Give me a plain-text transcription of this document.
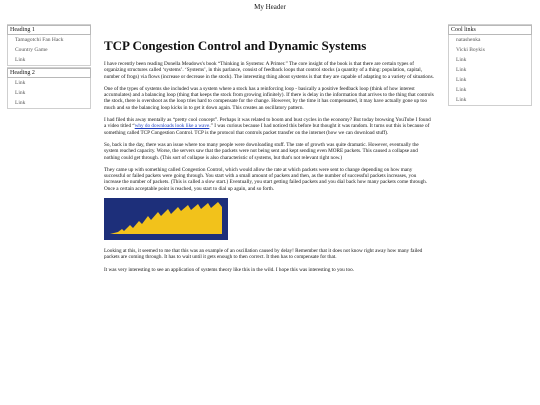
My Header
Heading 1
Tamagotchi Fan Hack
Country Game
Link
Heading 2
Link
Link
Link
Cool links
natashenka
Vicki Boykis
Link
Link
Link
Link
Link
TCP Congestion Control and Dynamic Systems

I have recently been reading Donella Meadows's book “Thinking in Systems: A Primer.” The core insight of the book is that there are certain types of organizing structures called ‘systems’. ‘Systems’, in this parlance, consist of feedback loops that control stocks (a quantity of a thing: population, capital, number of frogs) via flows (increase or decrease in the stock). The interesting thing about systems is that they are capable of adapting to a variety of situations.

One of the types of systems she included was a system where a stock has a reinforcing loop - basically a positive feedback loop (think of how interest accumulates) and a balancing loop (thing that keeps the stock from growing infinitely). If there is delay in the information that arrives to the thing that controls the stock, there is overshoot as the loop tries hard to compensate for the change. However, by the time it has compensated, it may have actually gone up too much and so the balancing loop kicks in to get it down again. This creates an oscillatory pattern.

I had filed this away mentally as “pretty cool concept”. Perhaps it was related to boom and bust cycles in the economy? But today browsing YouTube I found a video titled “why do downloads look like a wave.” I was curious because I had noticed this before but thought it was random. It turns out this is because of something called TCP Congestion Control. TCP is the protocol that controls packet transfer on the internet (how we can download stuff).

So, back in the day, there was an issue where too many people were downloading stuff. The rate of growth was quite dramatic. However, eventually the system reached capacity. Worse, the servers saw that the packets were not being sent and kept sending even MORE packets. This caused a collapse and nothing could get through. (This sort of collapse is also characteristic of systems, but that's not relevant right now.)

They came up with something called Congestion Control, which would allow the rate at which packets were sent to change depending on how many successful or failed packets were going through. You start with a small amount of packets and then, as the number of successful packets increases, you increase the number of packets. (This is called a slow start.) Eventually, you start getting failed packets and you dial back how many packets come through. Once a certain acceptable point is reached, you start to dial up again, and so forth.

Looking at this, it seemed to me that this was an example of an oscillation caused by delay! Remember that it does not know right away how many failed packets are coming through. It has to wait until it gets enough to then correct. It then has to compensate for that.

It was very interesting to see an application of systems theory like this in the wild. I hope this was interesting to you too.
